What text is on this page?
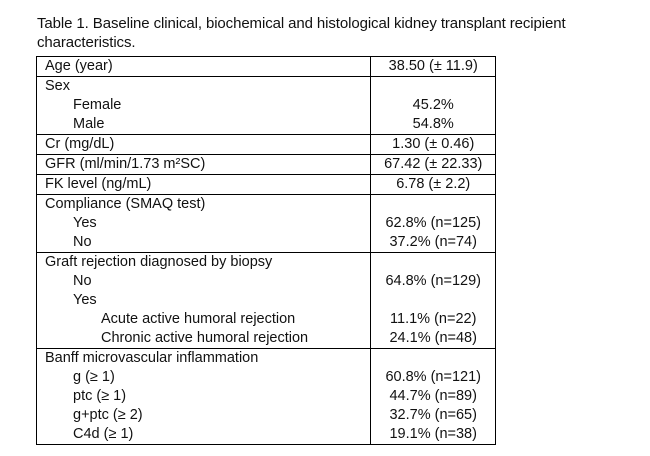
Table 1. Baseline clinical, biochemical and histological kidney transplant recipient characteristics.
Age (year)	38.50 (± 11.9)
Sex	
Female	45.2%
Male	54.8%
Cr (mg/dL)	1.30 (± 0.46)
GFR (ml/min/1.73 m²SC)	67.42 (± 22.33)
FK level (ng/mL)	6.78 (± 2.2)
Compliance (SMAQ test)	
Yes	62.8% (n=125)
No	37.2% (n=74)
Graft rejection diagnosed by biopsy	
No	64.8% (n=129)
Yes	
Acute active humoral rejection	11.1% (n=22)
Chronic active humoral rejection	24.1% (n=48)
Banff microvascular inflammation	
g (≥ 1)	60.8% (n=121)
ptc (≥ 1)	44.7% (n=89)
g+ptc (≥ 2)	32.7% (n=65)
C4d (≥ 1)	19.1% (n=38)
